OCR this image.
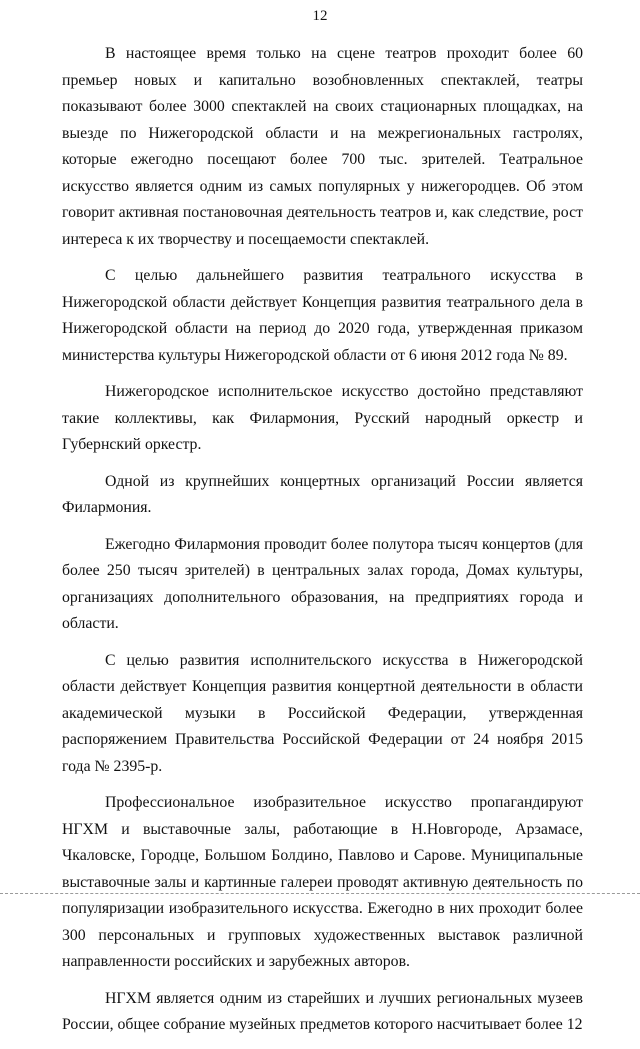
12

В настоящее время только на сцене театров проходит более 60 премьер новых и капитально возобновленных спектаклей, театры показывают более 3000 спектаклей на своих стационарных площадках, на выезде по Нижегородской области и на межрегиональных гастролях, которые ежегодно посещают более 700 тыс. зрителей. Театральное искусство является одним из самых популярных у нижегородцев. Об этом говорит активная постановочная деятельность театров и, как следствие, рост интереса к их творчеству и посещаемости спектаклей.

С целью дальнейшего развития театрального искусства в Нижегородской области действует Концепция развития театрального дела в Нижегородской области на период до 2020 года, утвержденная приказом министерства культуры Нижегородской области от 6 июня 2012 года № 89.

Нижегородское исполнительское искусство достойно представляют такие коллективы, как Филармония, Русский народный оркестр и Губернский оркестр.

Одной из крупнейших концертных организаций России является Филармония.

Ежегодно Филармония проводит более полутора тысяч концертов (для более 250 тысяч зрителей) в центральных залах города, Домах культуры, организациях дополнительного образования, на предприятиях города и области.

С целью развития исполнительского искусства в Нижегородской области действует Концепция развития концертной деятельности в области академической музыки в Российской Федерации, утвержденная распоряжением Правительства Российской Федерации от 24 ноября 2015 года № 2395-р.

Профессиональное изобразительное искусство пропагандируют НГХМ и выставочные залы, работающие в Н.Новгороде, Арзамасе, Чкаловске, Городце, Большом Болдино, Павлово и Сарове. Муниципальные выставочные залы и картинные галереи проводят активную деятельность по популяризации изобразительного искусства. Ежегодно в них проходит более 300 персональных и групповых художественных выставок различной направленности российских и зарубежных авторов.

НГХМ является одним из старейших и лучших региональных музеев России, общее собрание музейных предметов которого насчитывает более 12
